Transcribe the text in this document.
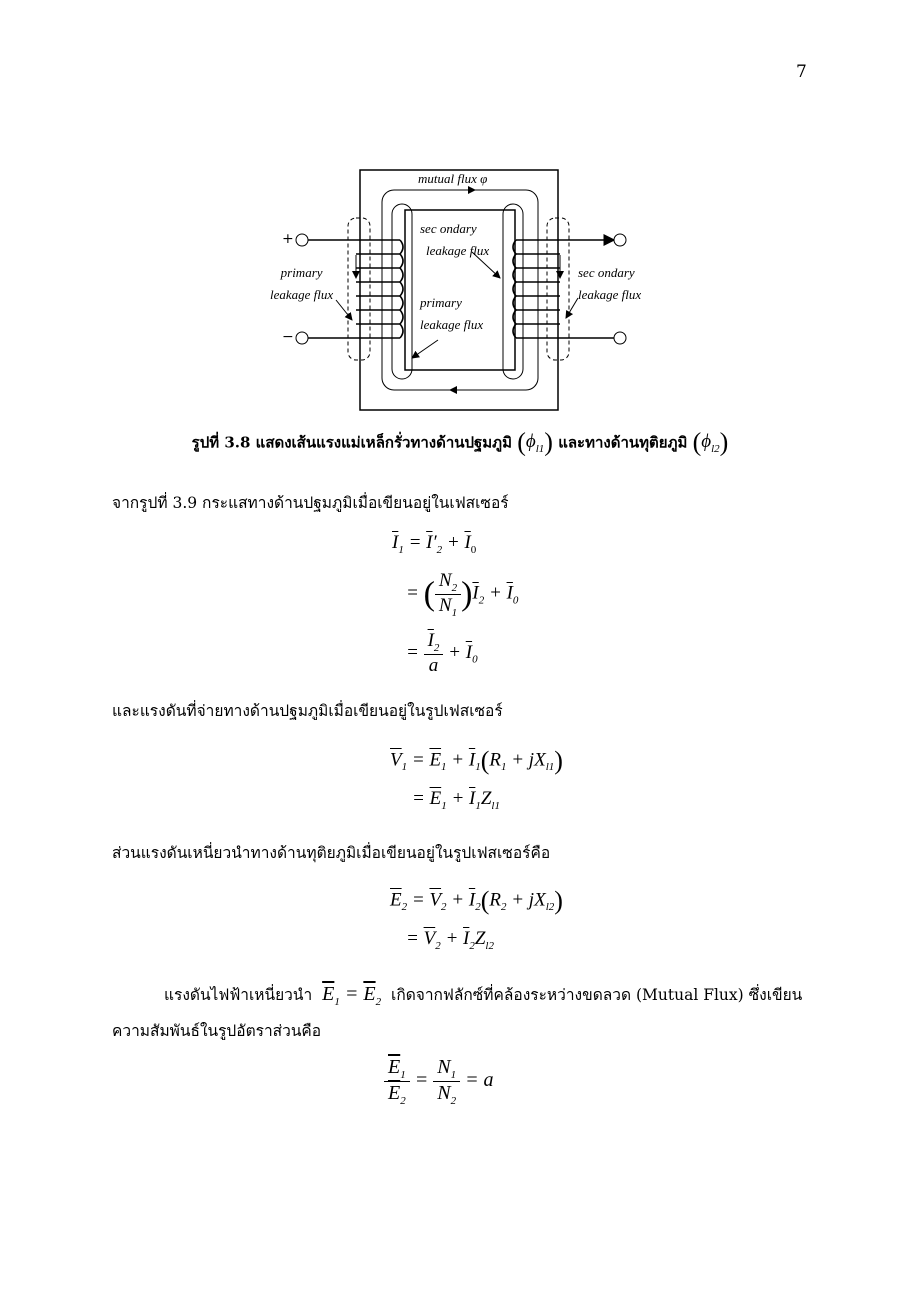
7
mutual flux φ
sec ondary
leakage flux
primary
leakage flux
primary
leakage flux
sec ondary
leakage flux
+
−
รูปที่ 3.8 แสดงเส้นแรงแม่เหล็กรั่วทางด้านปฐมภูมิ $(\phi_{l1})$ และทางด้านทุติยภูมิ $(\phi_{l2})$
จากรูปที่ 3.9 กระแสทางด้านปฐมภูมิเมื่อเขียนอยู่ในเฟสเซอร์
$\overline{I}_1 = \overline{I}'_2 + \overline{I}_0$
= ( $\frac{N_2}{N_1} )\overline{I}_2 + \overline{I}_0$
= $\frac{\overline{I}_2}{a} + \overline{I}_0$
และแรงดันที่จ่ายทางด้านปฐมภูมิเมื่อเขียนอยู่ในรูปเฟสเซอร์
$\overline{V}_1 = \overline{E}_1 + \overline{I}_1(R_1 + jX_{l1})$
= $\overline{E}_1 + \overline{I}_1Z_{l1}$
ส่วนแรงดันเหนี่ยวนำทางด้านทุติยภูมิเมื่อเขียนอยู่ในรูปเฟสเซอร์คือ
$\overline{E}_2 = \overline{V}_2 + \overline{I}_2(R_2 + jX_{l2})$
= $\overline{V}_2 + \overline{I}_2Z_{l2}$
แรงดันไฟฟ้าเหนี่ยวนำ $\overline{E}_1 = \overline{E}_2$ เกิดจากฟลักซ์ที่คล้องระหว่างขดลวด (Mutual Flux) ซึ่งเขียน
ความสัมพันธ์ในรูปอัตราส่วนคือ
$\frac{\overline{E}_1}{\overline{E}_2} = \frac{N_1}{N_2} = a$
